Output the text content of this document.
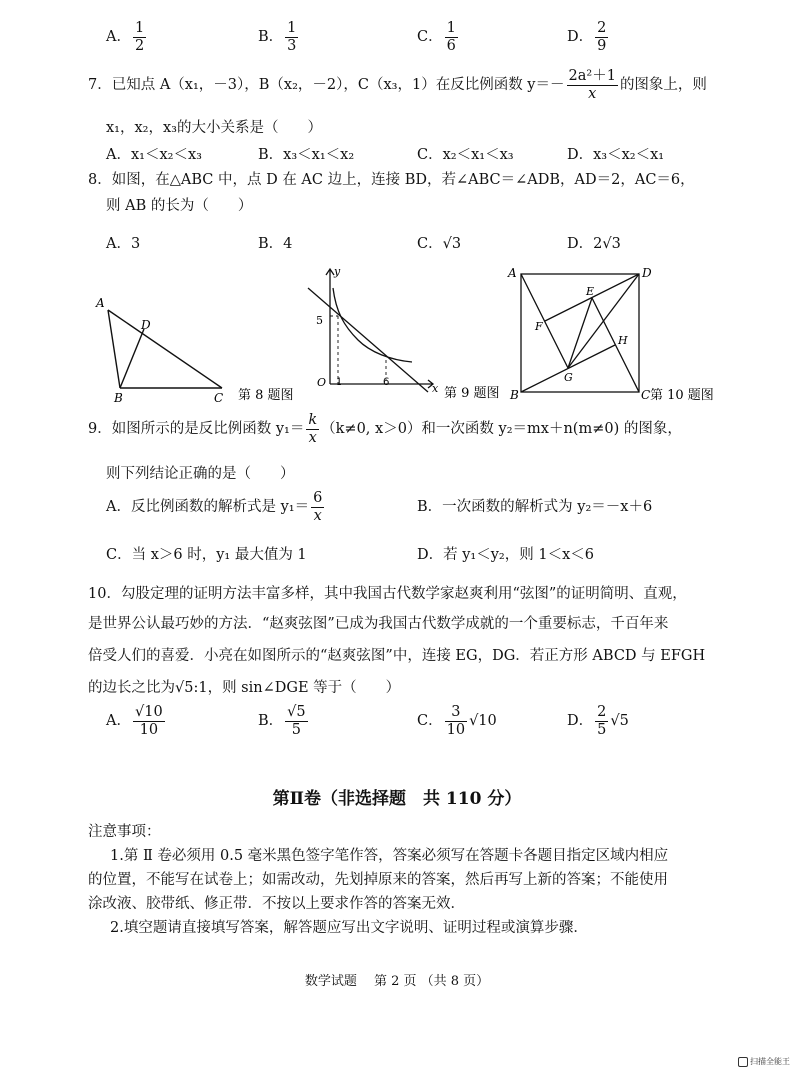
A． $\frac{1}{2}$	B． $\frac{1}{3}$	C． $\frac{1}{6}$	D． $\frac{2}{9}$
7．已知点 A（x₁，－3），B（x₂，－2），C（x₃，1）在反比例函数 $y=- \frac{\text{2a²＋1}}{x}$ 的图象上，则
x₁，x₂，x₃的大小关系是（　　）
A．x₁＜x₂＜x₃	B．x₃＜x₁＜x₂	C．x₂＜x₁＜x₃	D．x₃＜x₂＜x₁
8．如图，在△ABC 中，点 D 在 AC 边上，连接 BD，若∠ABC＝∠ADB，AD＝2，AC＝6，
则 AB 的长为（　　）
A．3	B．4	C．√3	D．2√3
A
D
B	C 第 8 题图
y
x
O
5
1	6
第 9 题图
A	D
E
F
H
G
B	C 第 10 题图
9．如图所示的是反比例函数 $y_1= \frac{k}{x} (k\ne 0$, x＞0）和一次函数 y₂＝mx＋n(m≠0) 的图象，
则下列结论正确的是（　　）
A．反比例函数的解析式是 $y_1= \frac{6}{x}$	B．一次函数的解析式为 y₂＝－x＋6
C．当 x＞6 时，y₁ 最大值为 1	D．若 y₁＜y₂，则 1＜x＜6
10．勾股定理的证明方法丰富多样，其中我国古代数学家赵爽利用“弦图”的证明简明、直观，
是世界公认最巧妙的方法．“赵爽弦图”已成为我国古代数学成就的一个重要标志，千百年来
倍受人们的喜爱．小亮在如图所示的“赵爽弦图”中，连接 EG，DG．若正方形 ABCD 与 EFGH
的边长之比为√5:1，则 sin∠DGE 等于（　　）
A． $\frac{√10}{10}$	B． $\frac{√5}{5}$	C． $\frac{3}{10} √10$	D． $\frac{2}{5} √5$
第Ⅱ卷（非选择题　共 110 分）
注意事项：
1.第 Ⅱ 卷必须用 0.5 毫米黑色签字笔作答，答案必须写在答题卡各题目指定区域内相应
的位置，不能写在试卷上；如需改动，先划掉原来的答案，然后再写上新的答案；不能使用
涂改液、胶带纸、修正带．不按以上要求作答的答案无效．
2.填空题请直接填写答案，解答题应写出文字说明、证明过程或演算步骤．
数学试题　 第 2 页 （共 8 页）
扫描全能王
